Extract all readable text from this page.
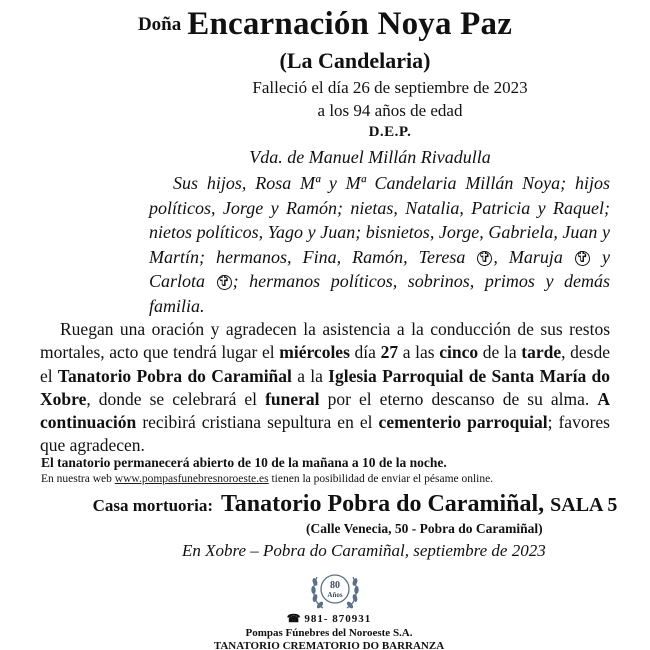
Doña Encarnación Noya Paz
(La Candelaria)
Falleció el día 26 de septiembre de 2023
a los 94 años de edad
D.E.P.
Vda. de Manuel Millán Rivadulla
Sus hijos, Rosa Mª y Mª Candelaria Millán Noya; hijos políticos, Jorge y Ramón; nietas, Natalia, Patricia y Raquel; nietos políticos, Yago y Juan; bisnietos, Jorge, Gabriela, Juan y Martín; hermanos, Fina, Ramón, Teresa ✞ , Maruja ✞ y Carlota ✞ ; hermanos políticos, sobrinos, primos y demás familia.
Ruegan una oración y agradecen la asistencia a la conducción de sus restos mortales, acto que tendrá lugar el miércoles día 27 a las cinco de la tarde, desde el Tanatorio Pobra do Caramiñal a la Iglesia Parroquial de Santa María do Xobre, donde se celebrará el funeral por el eterno descanso de su alma. A continuación recibirá cristiana sepultura en el cementerio parroquial; favores que agradecen.
El tanatorio permanecerá abierto de 10 de la mañana a 10 de la noche.
En nuestra web www.pompasfunebresnoroeste.es tienen la posibilidad de enviar el pésame online.
Casa mortuoria: Tanatorio Pobra do Caramiñal, SALA 5
(Calle Venecia, 50 - Pobra do Caramiñal)
En Xobre – Pobra do Caramiñal, septiembre de 2023
80
Años
☎ 981- 870931
Pompas Fúnebres del Noroeste S.A.
TANATORIO CREMATORIO DO BARRANZA
